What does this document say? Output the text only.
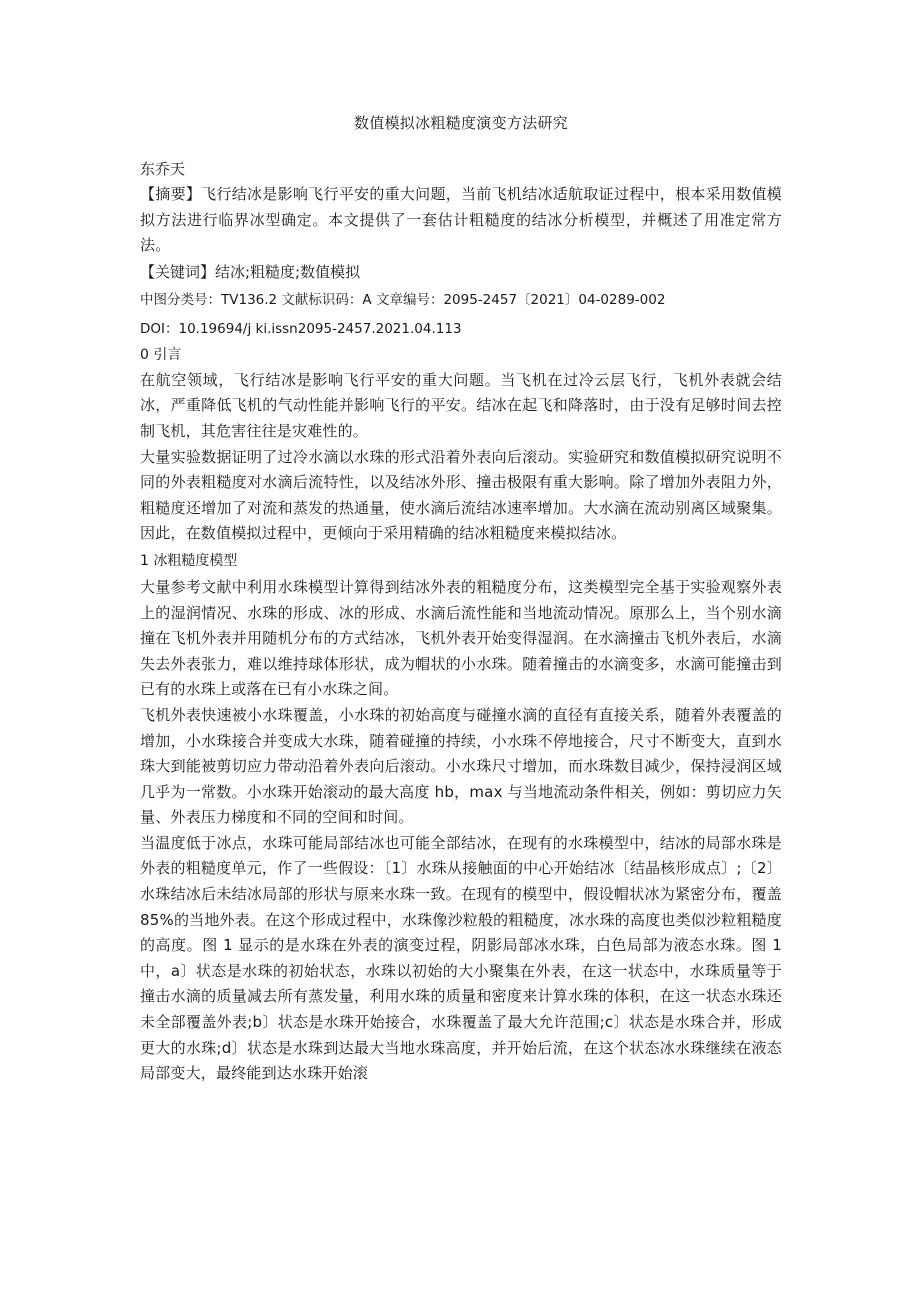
数值模拟冰粗糙度演变方法研究

东乔天

【摘要】飞行结冰是影响飞行平安的重大问题，当前飞机结冰适航取证过程中，根本采用数值模拟方法进行临界冰型确定。本文提供了一套估计粗糙度的结冰分析模型，并概述了用准定常方法。

【关键词】结冰;粗糙度;数值模拟

中图分类号：TV136.2 文献标识码：A 文章编号：2095-2457〔2021〕04-0289-002

DOI：10.19694/j ki.issn2095-2457.2021.04.113

0 引言

在航空领域，飞行结冰是影响飞行平安的重大问题。当飞机在过冷云层飞行，飞机外表就会结冰，严重降低飞机的气动性能并影响飞行的平安。结冰在起飞和降落时，由于没有足够时间去控制飞机，其危害往往是灾难性的。

大量实验数据证明了过冷水滴以水珠的形式沿着外表向后滚动。实验研究和数值模拟研究说明不同的外表粗糙度对水滴后流特性，以及结冰外形、撞击极限有重大影响。除了增加外表阻力外，粗糙度还增加了对流和蒸发的热通量，使水滴后流结冰速率增加。大水滴在流动别离区域聚集。因此，在数值模拟过程中，更倾向于采用精确的结冰粗糙度来模拟结冰。

1 冰粗糙度模型

大量参考文献中利用水珠模型计算得到结冰外表的粗糙度分布，这类模型完全基于实验观察外表上的湿润情况、水珠的形成、冰的形成、水滴后流性能和当地流动情况。原那么上，当个别水滴撞在飞机外表并用随机分布的方式结冰，飞机外表开始变得湿润。在水滴撞击飞机外表后，水滴失去外表张力，难以维持球体形状，成为帽状的小水珠。随着撞击的水滴变多，水滴可能撞击到已有的水珠上或落在已有小水珠之间。

飞机外表快速被小水珠覆盖，小水珠的初始高度与碰撞水滴的直径有直接关系，随着外表覆盖的增加，小水珠接合并变成大水珠，随着碰撞的持续，小水珠不停地接合，尺寸不断变大，直到水珠大到能被剪切应力带动沿着外表向后滚动。小水珠尺寸增加，而水珠数目减少，保持浸润区域几乎为一常数。小水珠开始滚动的最大高度 hb，max 与当地流动条件相关，例如：剪切应力矢量、外表压力梯度和不同的空间和时间。

当温度低于冰点，水珠可能局部结冰也可能全部结冰，在现有的水珠模型中，结冰的局部水珠是外表的粗糙度单元，作了一些假设：〔1〕水珠从接触面的中心开始结冰〔结晶核形成点〕;〔2〕水珠结冰后未结冰局部的形状与原来水珠一致。在现有的模型中，假设帽状冰为紧密分布，覆盖 85%的当地外表。在这个形成过程中，水珠像沙粒般的粗糙度，冰水珠的高度也类似沙粒粗糙度的高度。图 1 显示的是水珠在外表的演变过程，阴影局部冰水珠，白色局部为液态水珠。图 1 中，a〕状态是水珠的初始状态，水珠以初始的大小聚集在外表，在这一状态中，水珠质量等于撞击水滴的质量减去所有蒸发量，利用水珠的质量和密度来计算水珠的体积，在这一状态水珠还未全部覆盖外表;b〕状态是水珠开始接合，水珠覆盖了最大允许范围;c〕状态是水珠合并，形成更大的水珠;d〕状态是水珠到达最大当地水珠高度，并开始后流，在这个状态冰水珠继续在液态局部变大，最终能到达水珠开始滚
